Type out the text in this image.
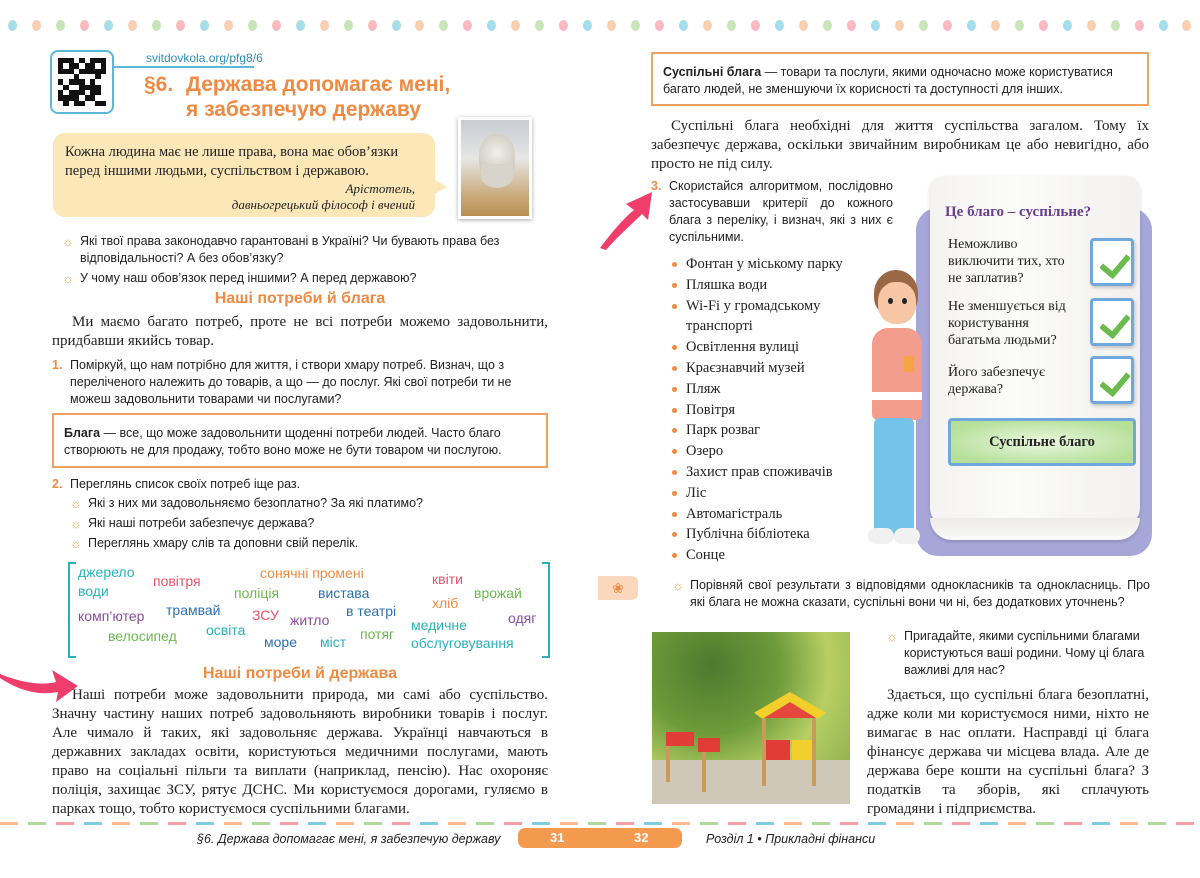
svitdovkola.org/pfg8/6
§6. Держава допомагає мені,
я забезпечую державу
Кожна людина має не лише права, вона має обов’язки перед іншими людьми, суспільством і державою.
Арістотель,
давньогрецький філософ і вчений
☼ Які твої права законодавчо гарантовані в Україні? Чи бувають права без відповідальності? А без обов’язку?
☼ У чому наш обов’язок перед іншими? А перед державою?
Наші потреби й блага
Ми маємо багато потреб, проте не всі потреби можемо задовольнити, придбавши якийсь товар.
1. Поміркуй, що нам потрібно для життя, і створи хмару потреб. Визнач, що з переліченого належить до товарів, а що — до послуг. Які свої потреби ти не можеш задовольнити товарами чи послугами?
Блага — все, що може задовольнити щоденні потреби людей. Часто благо створюють не для продажу, тобто воно може не бути товаром чи послугою.
2. Переглянь список своїх потреб іще раз.
☼ Які з них ми задовольняємо безоплатно? За які платимо?
☼ Які наші потреби забезпечує держава?
☼ Переглянь хмару слів та доповни свій перелік.
джерело
води
повітря	сонячні промені	квіти
поліція	вистава	врожай
хліб
комп’ютер трамвай ЗСУ житло
в театрі	одяг
медичне
велосипед освіта	потяг
море міст	обслуговування
Наші потреби й держава
Наші потреби може задовольнити природа, ми самі або суспільство. Значну частину наших потреб задовольняють виробники товарів і послуг. Але чимало й таких, які задовольняє держава. Українці навчаються в державних закладах освіти, користуються медичними послугами, мають право на соціальні пільги та виплати (наприклад, пенсію). Нас охороняє поліція, захищає ЗСУ, рятує ДСНС. Ми користуємося дорогами, гуляємо в парках тощо, тобто користуємося суспільними благами.
Суспільні блага — товари та послуги, якими одночасно може користуватися багато людей, не зменшуючи їх корисності та доступності для інших.
Суспільні блага необхідні для життя суспільства загалом. Тому їх забезпечує держава, оскільки звичайним виробникам це або невигідно, або просто не під силу.
3. Скористайся алгоритмом, послідовно застосувавши критерії до кожного блага з переліку, і визнач, які з них є суспільними.
Фонтан у міському парку
Пляшка води
Wi-Fi у громадському транспорті
Освітлення вулиці
Краєзнавчий музей
Пляж
Повітря
Парк розваг
Озеро
Захист прав споживачів
Ліс
Автомагістраль
Публічна бібліотека
Сонце
Це благо – суспільне?
Неможливо виключити тих, хто не заплатив?
Не зменшується від користування багатьма людьми?
Його забезпечує держава?
Суспільне благо
❀	☼ Порівняй свої результати з відповідями однокласників та однокласниць. Про які блага не можна сказати, суспільні вони чи ні, без додаткових уточнень?
☼ Пригадайте, якими суспільними благами користуються ваші родини. Чому ці блага важливі для нас?
Здається, що суспільні блага безоплатні, адже коли ми користуємося ними, ніхто не вимагає в нас оплати. Насправді ці блага фінансує держава чи місцева влада. Але де держава бере кошти на суспільні блага? З податків та зборів, які сплачують громадяни і підприємства.
§6. Держава допомагає мені, я забезпечую державу	31	32	Розділ 1 • Прикладні фінанси
